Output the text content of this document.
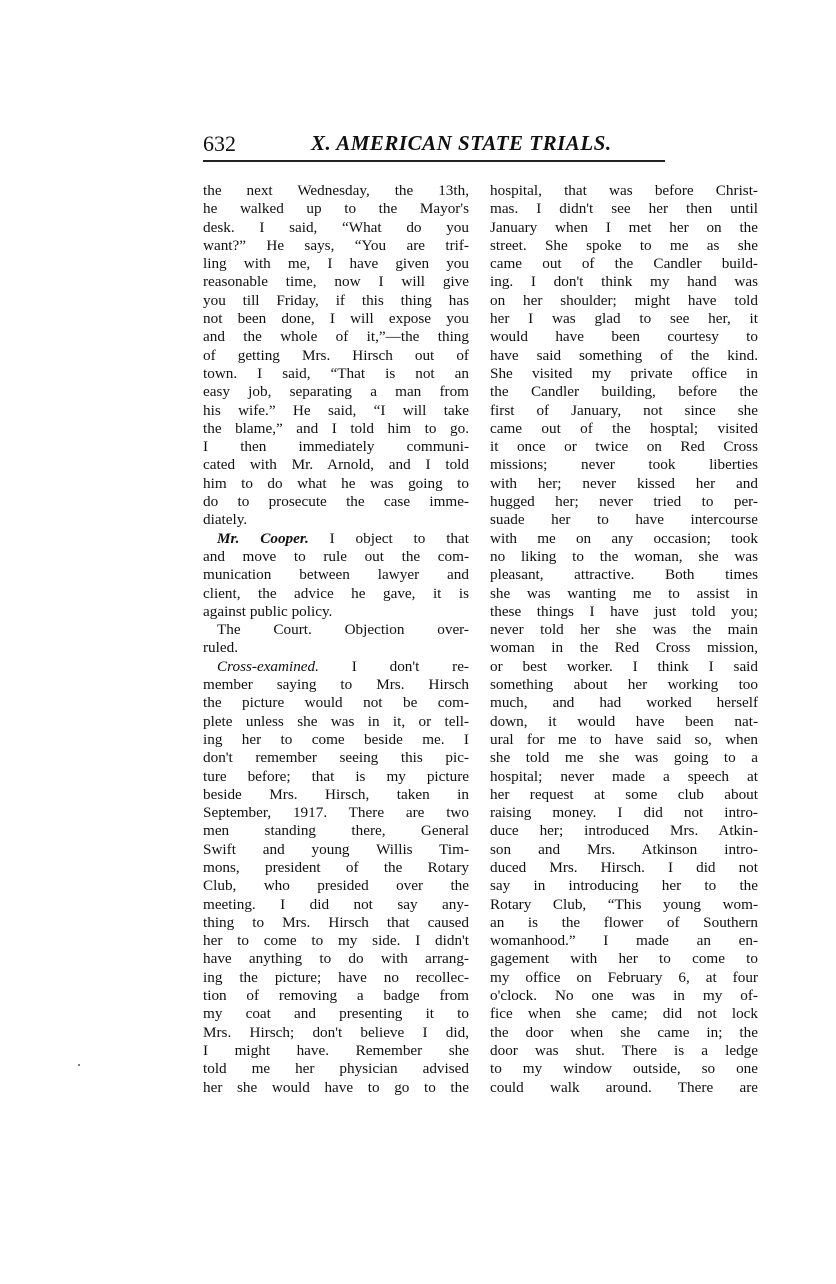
632	X. AMERICAN STATE TRIALS.
the next Wednesday, the 13th,
he walked up to the Mayor's
desk. I said, “What do you
want?” He says, “You are trif-
ling with me, I have given you
reasonable time, now I will give
you till Friday, if this thing has
not been done, I will expose you
and the whole of it,”—the thing
of getting Mrs. Hirsch out of
town. I said, “That is not an
easy job, separating a man from
his wife.” He said, “I will take
the blame,” and I told him to go.
I then immediately communi-
cated with Mr. Arnold, and I told
him to do what he was going to
do to prosecute the case imme-
diately.
Mr. Cooper. I object to that
and move to rule out the com-
munication between lawyer and
client, the advice he gave, it is
against public policy.
The Court. Objection over-
ruled.
Cross-examined. I don't re-
member saying to Mrs. Hirsch
the picture would not be com-
plete unless she was in it, or tell-
ing her to come beside me. I
don't remember seeing this pic-
ture before; that is my picture
beside Mrs. Hirsch, taken in
September, 1917. There are two
men standing there, General
Swift and young Willis Tim-
mons, president of the Rotary
Club, who presided over the
meeting. I did not say any-
thing to Mrs. Hirsch that caused
her to come to my side. I didn't
have anything to do with arrang-
ing the picture; have no recollec-
tion of removing a badge from
my coat and presenting it to
Mrs. Hirsch; don't believe I did,
I might have. Remember she
told me her physician advised
her she would have to go to the
hospital, that was before Christ-
mas. I didn't see her then until
January when I met her on the
street. She spoke to me as she
came out of the Candler build-
ing. I don't think my hand was
on her shoulder; might have told
her I was glad to see her, it
would have been courtesy to
have said something of the kind.
She visited my private office in
the Candler building, before the
first of January, not since she
came out of the hosptal; visited
it once or twice on Red Cross
missions; never took liberties
with her; never kissed her and
hugged her; never tried to per-
suade her to have intercourse
with me on any occasion; took
no liking to the woman, she was
pleasant, attractive. Both times
she was wanting me to assist in
these things I have just told you;
never told her she was the main
woman in the Red Cross mission,
or best worker. I think I said
something about her working too
much, and had worked herself
down, it would have been nat-
ural for me to have said so, when
she told me she was going to a
hospital; never made a speech at
her request at some club about
raising money. I did not intro-
duce her; introduced Mrs. Atkin-
son and Mrs. Atkinson intro-
duced Mrs. Hirsch. I did not
say in introducing her to the
Rotary Club, “This young wom-
an is the flower of Southern
womanhood.” I made an en-
gagement with her to come to
my office on February 6, at four
o'clock. No one was in my of-
fice when she came; did not lock
the door when she came in; the
door was shut. There is a ledge
to my window outside, so one
could walk around. There are
